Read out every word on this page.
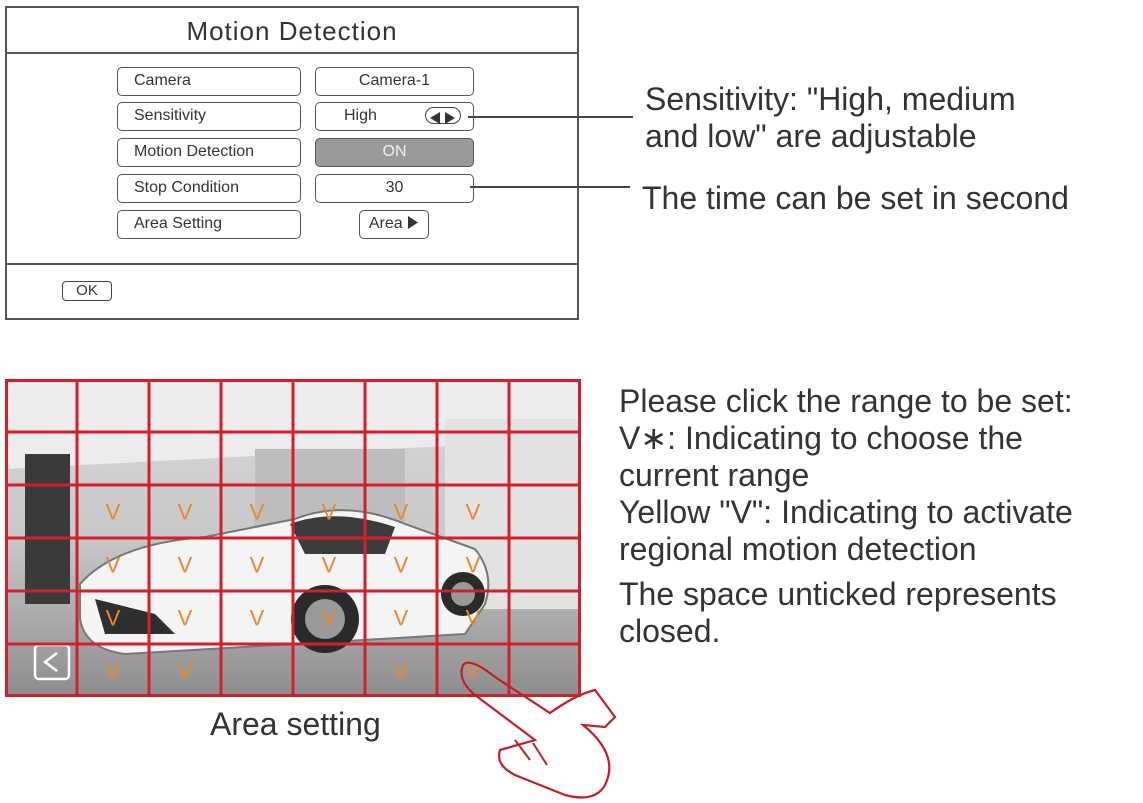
Motion Detection
Camera	Camera-1
Sensitivity	High
Motion Detection	ON
Stop Condition	30
Area Setting	Area
OK
Sensitivity: "High, medium
and low" are adjustable
The time can be set in second
Please click the range to be set:
V∗: Indicating to choose the
current range
Yellow "V": Indicating to activate
regional motion detection
The space unticked represents
closed.
V	V	V	V	V	V
V	V	V	V	V	V
V	V	V	V	V	V
V	V	V	V
Area setting
